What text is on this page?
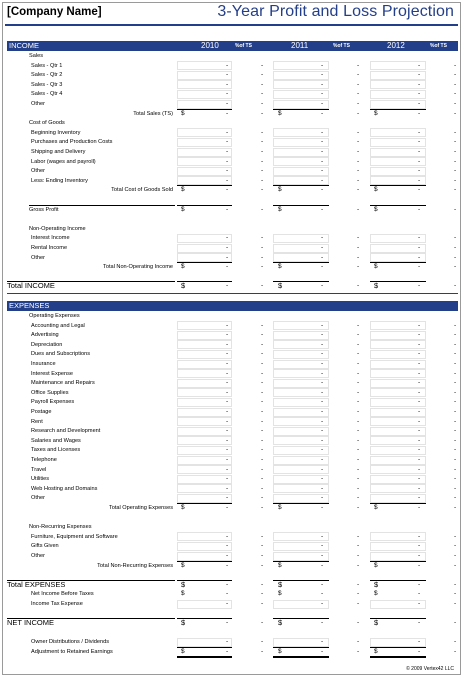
[Company Name]	3-Year Profit and Loss Projection
INCOME	2010	%of TS	2011	%of TS	2012	%of TS
Sales
Sales - Qtr 1	-	-	-	-	-	-
Sales - Qtr 2	-	-	-	-	-	-
Sales - Qtr 3	-	-	-	-	-	-
Sales - Qtr 4	-	-	-	-	-	-
Other	-	-	-	-	-	-
Total Sales (TS) $	-	- $	-	- $	-	-
Cost of Goods
Beginning Inventory	-	-	-	-	-	-
Purchases and Production Costs	-	-	-	-	-	-
Shipping and Delivery	-	-	-	-	-	-
Labor (wages and payroll)	-	-	-	-	-	-
Other	-	-	-	-	-	-
Less: Ending Inventory	-	-	-	-	-	-
Total Cost of Goods Sold $	-	- $	-	- $	-	-
Gross Profit	$	-	- $	-	- $	-	-
Non-Operating Income
Interest Income	-	-	-	-	-	-
Rental Income	-	-	-	-	-	-
Other	-	-	-	-	-	-
Total Non-Operating Income $	-	- $	-	- $	-	-
Total INCOME	$	-	- $	-	- $	-	-
EXPENSES
Operating Expenses
Accounting and Legal	-	-	-	-	-	-
Advertising	-	-	-	-	-	-
Depreciation	-	-	-	-	-	-
Dues and Subscriptions	-	-	-	-	-	-
Insurance	-	-	-	-	-	-
Interest Expense	-	-	-	-	-	-
Maintenance and Repairs	-	-	-	-	-	-
Office Supplies	-	-	-	-	-	-
Payroll Expenses	-	-	-	-	-	-
Postage	-	-	-	-	-	-
Rent	-	-	-	-	-	-
Research and Development	-	-	-	-	-	-
Salaries and Wages	-	-	-	-	-	-
Taxes and Licenses	-	-	-	-	-	-
Telephone	-	-	-	-	-	-
Travel	-	-	-	-	-	-
Utilities	-	-	-	-	-	-
Web Hosting and Domains	-	-	-	-	-	-
Other	-	-	-	-	-	-
Total Operating Expenses $	-	- $	-	- $	-	-
Non-Recurring Expenses
Furniture, Equipment and Software	-	-	-	-	-	-
Gifts Given	-	-	-	-	-	-
Other	-	-	-	-	-	-
Total Non-Recurring Expenses $	-	- $	-	- $	-	-
Total EXPENSES	$	-	- $	-	- $	-	-
Net Income Before Taxes	$	-	- $	-	- $	-	-
Income Tax Expense	-	-	-	-	-	-
NET INCOME	$	-	- $	-	- $	-	-
Owner Distributions / Dividends	-	-	-	-	-	-
Adjustment to Retained Earnings	$	-	- $	-	- $	-	-
© 2009 Vertex42 LLC
